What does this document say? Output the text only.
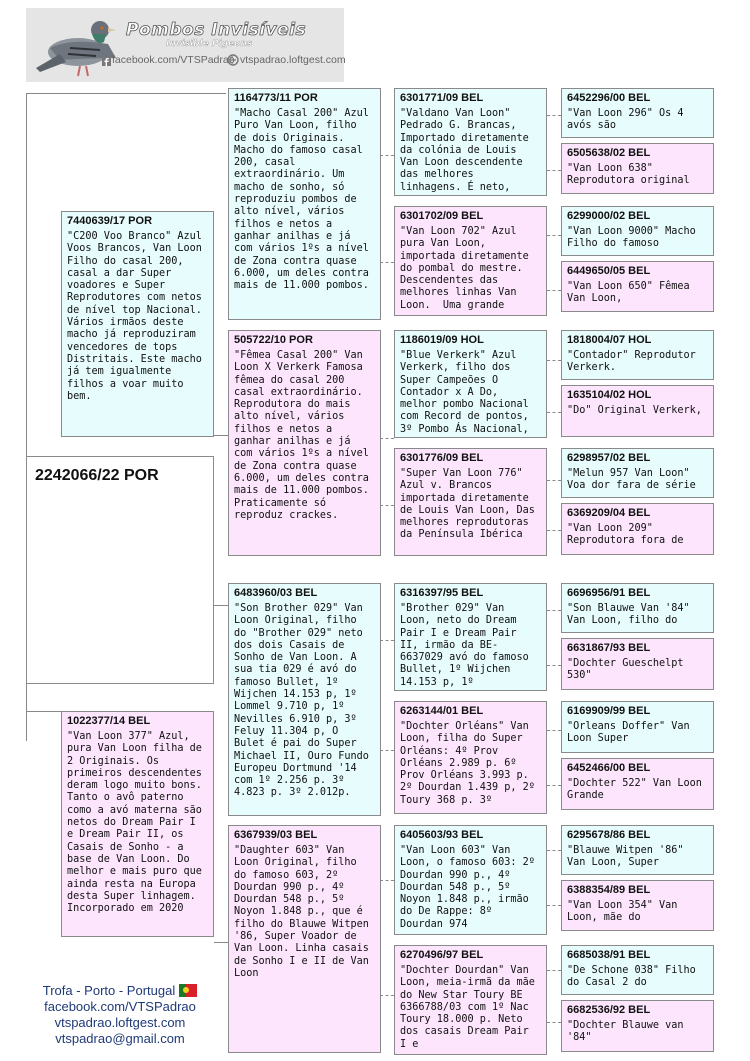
Pombos Invisíveis
Invisible Pigeons
facebook.com/VTSPadrao vtspadrao.loftgest.com
2242066/22 POR
7440639/17 POR
"C200 Voo Branco" Azul Voos Brancos, Van Loon Filho do casal 200, casal a dar Super voadores e Super Reprodutores com netos de nível top Nacional. Vários irmãos deste macho já reproduziram vencedores de tops Distritais. Este macho já tem igualmente filhos a voar muito bem.
1022377/14 BEL
"Van Loon 377" Azul, pura Van Loon filha de 2 Originais. Os primeiros descendentes deram logo muito bons. Tanto o avô paterno como a avó materna são netos do Dream Pair I e Dream Pair II, os Casais de Sonho - a base de Van Loon. Do melhor e mais puro que ainda resta na Europa desta Super linhagem. Incorporado em 2020
1164773/11 POR
"Macho Casal 200" Azul Puro Van Loon, filho de dois Originais. Macho do famoso casal 200, casal extraordinário. Um macho de sonho, só reproduziu pombos de alto nível, vários filhos e netos a ganhar anilhas e já com vários 1ºs a nível de Zona contra quase 6.000, um deles contra mais de 11.000 pombos.
505722/10 POR
"Fêmea Casal 200" Van Loon X Verkerk Famosa fêmea do casal 200 casal extraordinário. Reprodutora do mais alto nível, vários filhos e netos a ganhar anilhas e já com vários 1ºs a nível de Zona contra quase 6.000, um deles contra mais de 11.000 pombos. Praticamente só reproduz crackes.
6483960/03 BEL
"Son Brother 029" Van Loon Original, filho do "Brother 029" neto dos dois Casais de Sonho de Van Loon. A sua tia 029 é avó do famoso Bullet, 1º Wijchen 14.153 p, 1º Lommel 9.710 p, 1º Nevilles 6.910 p, 3º Feluy 11.304 p, O Bulet é pai do Super Michael II, Ouro Fundo Europeu Dortmund '14 com 1º 2.256 p. 3º 4.823 p. 3º 2.012p.
6367939/03 BEL
"Daughter 603" Van Loon Original, filho do famoso 603, 2º Dourdan 990 p., 4º Dourdan 548 p., 5º Noyon 1.848 p., que é filho do Blauwe Witpen '86, Super Voador de Van Loon. Linha casais de Sonho I e II de Van Loon
6301771/09 BEL
"Valdano Van Loon" Pedrado G. Brancas, Importado diretamente da colónia de Louis Van Loon descendente das melhores linhagens. É neto,
6301702/09 BEL
"Van Loon 702" Azul pura Van Loon, importada diretamente do pombal do mestre. Descendentes das melhores linhas Van Loon.  Uma grande
1186019/09 HOL
"Blue Verkerk" Azul Verkerk, filho dos Super Campeões O Contador x A Do, melhor pombo Nacional com Record de pontos, 3º Pombo Ás Nacional,
6301776/09 BEL
"Super Van Loon 776" Azul v. Brancos importada diretamente de Louis Van Loon, Das melhores reprodutoras da Península Ibérica
6316397/95 BEL
"Brother 029" Van Loon, neto do Dream Pair I e Dream Pair II, irmão da BE-6637029 avó do famoso Bullet, 1º Wijchen 14.153 p, 1º
6263144/01 BEL
"Dochter Orléans" Van Loon, filha do Super Orléans: 4º Prov Orléans 2.989 p. 6º Prov Orléans 3.993 p. 2º Dourdan 1.439 p, 2º Toury 368 p. 3º
6405603/93 BEL
"Van Loon 603" Van Loon, o famoso 603: 2º Dourdan 990 p., 4º Dourdan 548 p., 5º Noyon 1.848 p., irmão do De Rappe: 8º Dourdan 974
6270496/97 BEL
"Dochter Dourdan" Van Loon, meia-irmã da mãe do New Star Toury BE 6366788/03 com 1º Nac Toury 18.000 p. Neto dos casais Dream Pair I e
6452296/00 BEL
"Van Loon 296" Os 4 avós são
6505638/02 BEL
"Van Loon 638" Reprodutora original
6299000/02 BEL
"Van Loon 9000" Macho Filho do famoso
6449650/05 BEL
"Van Loon 650" Fêmea Van Loon,
1818004/07 HOL
"Contador" Reprodutor Verkerk.
1635104/02 HOL
"Do" Original Verkerk,
6298957/02 BEL
"Melun 957 Van Loon" Voa dor fara de série
6369209/04 BEL
"Van Loon 209" Reprodutora fora de
6696956/91 BEL
"Son Blauwe Van '84" Van Loon, filho do
6631867/93 BEL
"Dochter Gueschelpt 530"
6169909/99 BEL
"Orleans Doffer" Van Loon Super
6452466/00 BEL
"Dochter 522" Van Loon Grande
6295678/86 BEL
"Blauwe Witpen '86" Van Loon, Super
6388354/89 BEL
"Van Loon 354" Van Loon, mãe do
6685038/91 BEL
"De Schone 038" Filho do Casal 2 do
6682536/92 BEL
"Dochter Blauwe van '84"
Trofa - Porto - Portugal
facebook.com/VTSPadrao
vtspadrao.loftgest.com
vtspadrao@gmail.com
